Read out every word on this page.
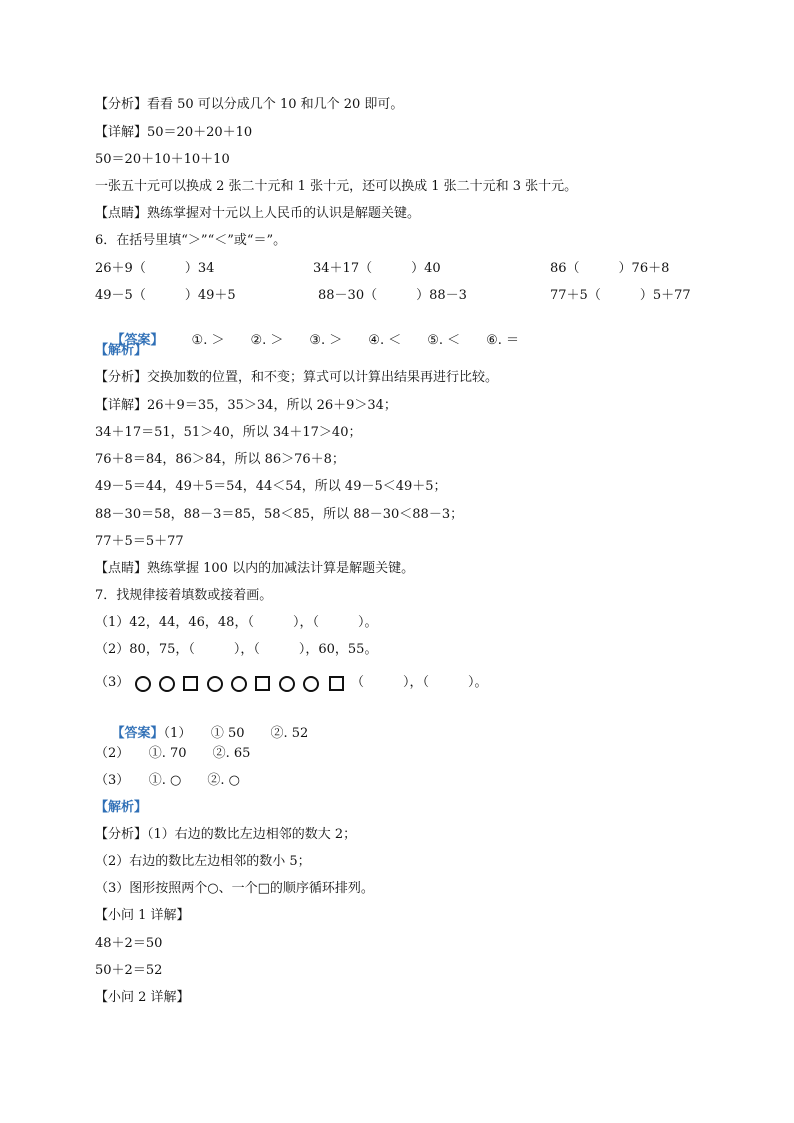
【分析】看看 50 可以分成几个 10 和几个 20 即可。
【详解】50＝20＋20＋10
50＝20＋10＋10＋10
一张五十元可以换成 2 张二十元和 1 张十元，还可以换成 1 张二十元和 3 张十元。
【点睛】熟练掌握对十元以上人民币的认识是解题关键。
6．在括号里填“＞”“＜”或“＝”。
26＋9（　　　）34	34＋17（　　　）40	86（　　　）76＋8
49－5（　　　）49＋5	88－30（　　　）88－3	77＋5（　　　）5＋77

【答案】 ①. ＞　　②. ＞　　③. ＞　　④. ＜　　⑤. ＜　　⑥. ＝

【解析】
【分析】交换加数的位置，和不变；算式可以计算出结果再进行比较。
【详解】26＋9＝35，35＞34，所以 26＋9＞34；
34＋17＝51，51＞40，所以 34＋17＞40；
76＋8＝84，86＞84，所以 86＞76＋8；
49－5＝44，49＋5＝54，44＜54，所以 49－5＜49＋5；
88－30＝58，88－3＝85，58＜85，所以 88－30＜88－3；
77＋5＝5＋77
【点睛】熟练掌握 100 以内的加减法计算是解题关键。
7．找规律接着填数或接着画。
（1）42，44，46，48，（　　　），（　　　）。
（2）80，75，（　　　），（　　　），60，55。
（3）	（　　　），（　　　）。

【答案】（1）　　① 50　　②. 52

（2）　　①. 70　　②. 65
（3）　　①. ○　　②. ○
【解析】
【分析】（1）右边的数比左边相邻的数大 2；
（2）右边的数比左边相邻的数小 5；
（3）图形按照两个○、一个□的顺序循环排列。
【小问 1 详解】
48＋2＝50
50＋2＝52
【小问 2 详解】
